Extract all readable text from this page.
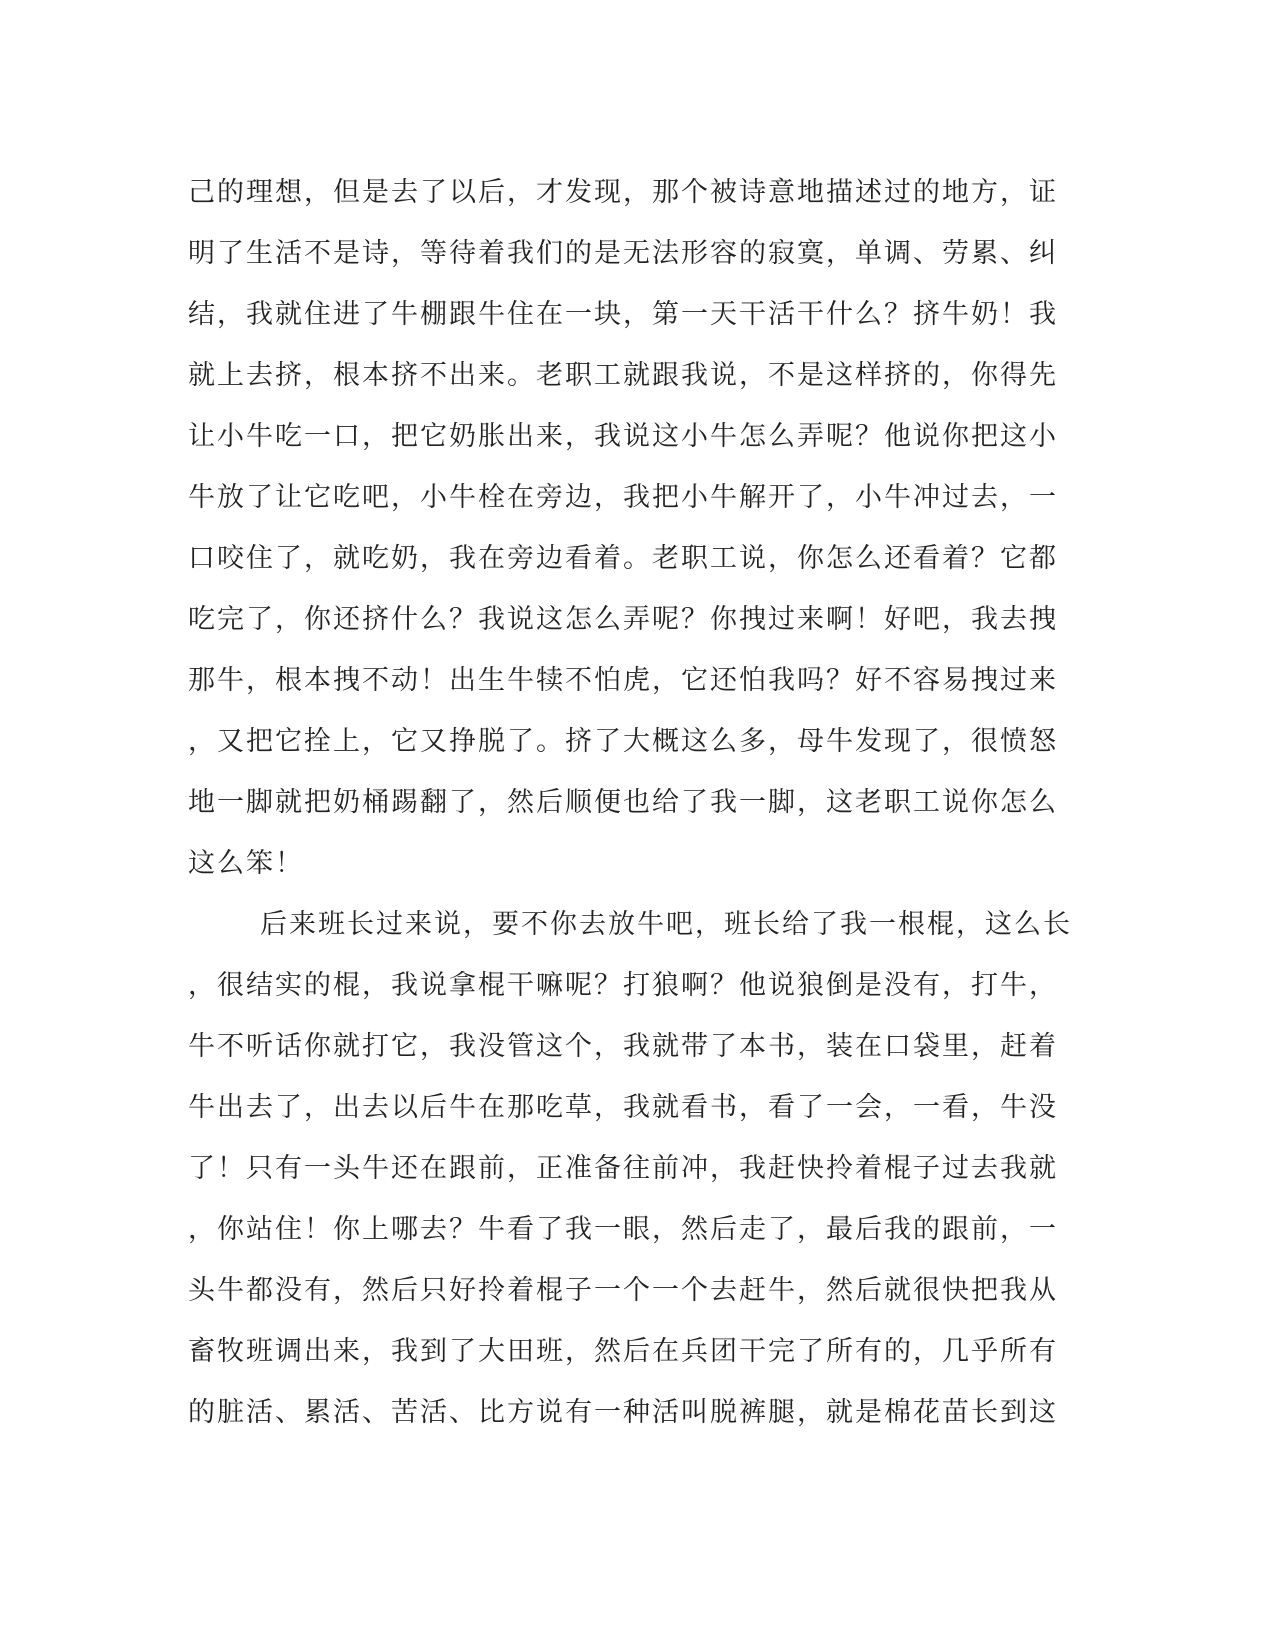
己的理想，但是去了以后，才发现，那个被诗意地描述过的地方，证
明了生活不是诗，等待着我们的是无法形容的寂寞，单调、劳累、纠
结，我就住进了牛棚跟牛住在一块，第一天干活干什么？挤牛奶！我
就上去挤，根本挤不出来。老职工就跟我说，不是这样挤的，你得先
让小牛吃一口，把它奶胀出来，我说这小牛怎么弄呢？他说你把这小
牛放了让它吃吧，小牛栓在旁边，我把小牛解开了，小牛冲过去，一
口咬住了，就吃奶，我在旁边看着。老职工说，你怎么还看着？它都
吃完了，你还挤什么？我说这怎么弄呢？你拽过来啊！好吧，我去拽
那牛，根本拽不动！出生牛犊不怕虎，它还怕我吗？好不容易拽过来
，又把它拴上，它又挣脱了。挤了大概这么多，母牛发现了，很愤怒
地一脚就把奶桶踢翻了，然后顺便也给了我一脚，这老职工说你怎么
这么笨！
后来班长过来说，要不你去放牛吧，班长给了我一根棍，这么长
，很结实的棍，我说拿棍干嘛呢？打狼啊？他说狼倒是没有，打牛，
牛不听话你就打它，我没管这个，我就带了本书，装在口袋里，赶着
牛出去了，出去以后牛在那吃草，我就看书，看了一会，一看，牛没
了！只有一头牛还在跟前，正准备往前冲，我赶快拎着棍子过去我就
，你站住！你上哪去？牛看了我一眼，然后走了，最后我的跟前，一
头牛都没有，然后只好拎着棍子一个一个去赶牛，然后就很快把我从
畜牧班调出来，我到了大田班，然后在兵团干完了所有的，几乎所有
的脏活、累活、苦活、比方说有一种活叫脱裤腿，就是棉花苗长到这
